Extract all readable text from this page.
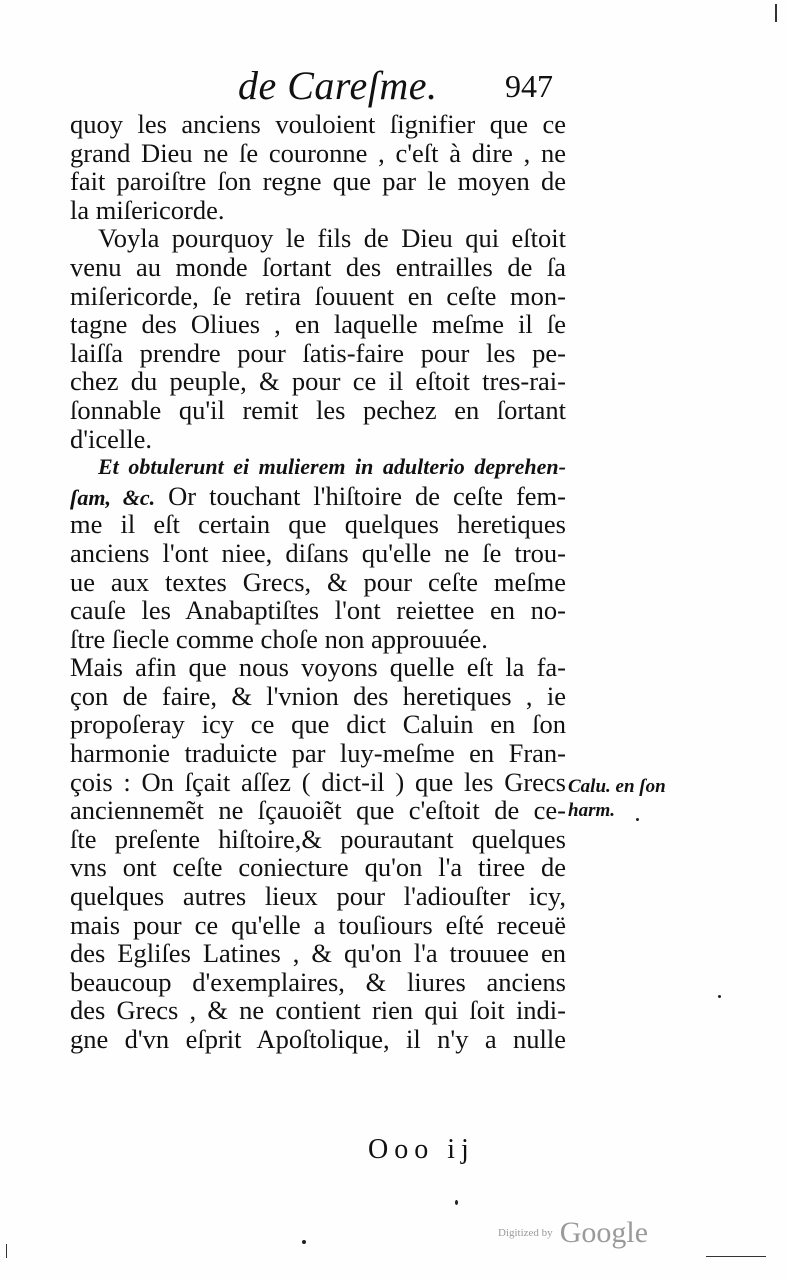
de Careſme. 947
quoy les anciens vouloient ſignifier que ce
grand Dieu ne ſe couronne , c'eſt à dire , ne
fait paroiſtre ſon regne que par le moyen de
la miſericorde.
Voyla pourquoy le fils de Dieu qui eſtoit
venu au monde ſortant des entrailles de ſa
miſericorde, ſe retira ſouuent en ceſte mon-
tagne des Oliues , en laquelle meſme il ſe
laiſſa prendre pour ſatis-faire pour les pe-
chez du peuple, & pour ce il eſtoit tres-rai-
ſonnable qu'il remit les pechez en ſortant
d'icelle.
Et obtulerunt ei mulierem in adulterio deprehen-
ſam, &c. Or touchant l'hiſtoire de ceſte fem-
me il eſt certain que quelques heretiques
anciens l'ont niee, diſans qu'elle ne ſe trou-
ue aux textes Grecs, & pour ceſte meſme
cauſe les Anabaptiſtes l'ont reiettee en no-
ſtre ſiecle comme choſe non approuuée.
Mais afin que nous voyons quelle eſt la fa-
çon de faire, & l'vnion des heretiques , ie
propoſeray icy ce que dict Caluin en ſon
harmonie traduicte par luy-meſme en Fran-
çois : On ſçait aſſez ( dict-il ) que les Grecs
anciennemẽt ne ſçauoiẽt que c'eſtoit de ce-
ſte preſente hiſtoire,& pourautant quelques
vns ont ceſte coniecture qu'on l'a tiree de
quelques autres lieux pour l'adiouſter icy,
mais pour ce qu'elle a touſiours eſté receuë
des Egliſes Latines , & qu'on l'a trouuee en
beaucoup d'exemplaires, & liures anciens
des Grecs , & ne contient rien qui ſoit indi-
gne d'vn eſprit Apoſtolique, il n'y a nulle
Calu. en ſon
harm.
Ooo ij
Digitized by Google
